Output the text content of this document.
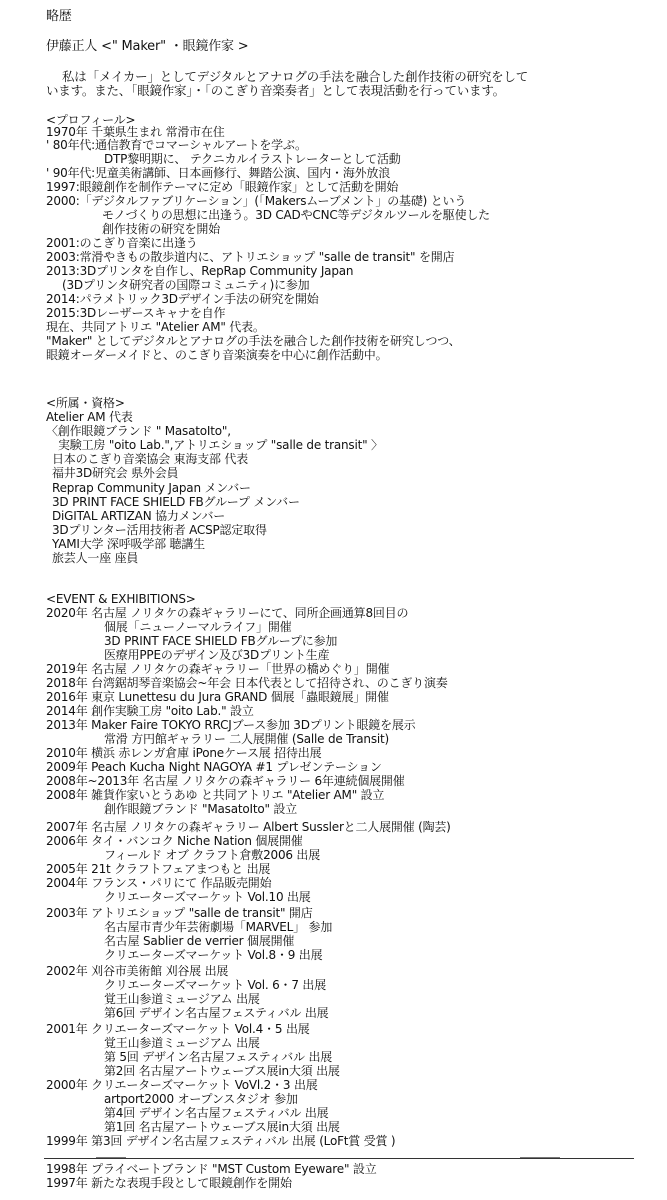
略歴
伊藤正人 <" Maker" ・眼鏡作家 >
私は「メイカー」としてデジタルとアナログの手法を融合した創作技術の研究をして
います。また、「眼鏡作家」・「のこぎり音楽奏者」として表現活動を行っています。
<プロフィール>
1970年 千葉県生まれ 常滑市在住
' 80年代:通信教育でコマーシャルアートを学ぶ。
DTP黎明期に、 テクニカルイラストレーターとして活動
' 90年代:児童美術講師、日本画修行、舞踏公演、国内・海外放浪
1997:眼鏡創作を制作テーマに定め「眼鏡作家」として活動を開始
2000:「デジタルファブリケーション」(「Makersムーブメント」の基礎) という
モノづくりの思想に出逢う。3D CADやCNC等デジタルツールを駆使した
創作技術の研究を開始
2001:のこぎり音楽に出逢う
2003:常滑やきもの散歩道内に、アトリエショップ "salle de transit" を開店
2013:3Dプリンタを自作し、RepRap Community Japan
(3Dプリンタ研究者の国際コミュニティ)に参加
2014:パラメトリック3Dデザイン手法の研究を開始
2015:3Dレーザースキャナを自作
現在、共同アトリエ "Atelier AM" 代表。
"Maker" としてデジタルとアナログの手法を融合した創作技術を研究しつつ、
眼鏡オーダーメイドと、のこぎり音楽演奏を中心に創作活動中。
<所属・資格>
Atelier AM 代表
〈創作眼鏡ブランド " MasatoIto",
実験工房 "oito Lab.",アトリエショップ "salle de transit" 〉
日本のこぎり音楽協会 東海支部 代表
福井3D研究会 県外会員
Reprap Community Japan メンバー
3D PRINT FACE SHIELD FBグループ メンバー
DiGITAL ARTIZAN 協力メンバー
3Dプリンター活用技術者 ACSP認定取得
YAMI大学 深呼吸学部 聴講生
旅芸人一座 座員
<EVENT & EXHIBITIONS>
2020年 名古屋 ノリタケの森ギャラリーにて、同所企画通算8回目の
個展「ニューノーマルライフ」開催
3D PRINT FACE SHIELD FBグループに参加
医療用PPEのデザイン及び3Dプリント生産
2019年 名古屋 ノリタケの森ギャラリー「世界の橋めぐり」開催
2018年 台湾鋸胡琴音楽協会~年会 日本代表として招待され、のこぎり演奏
2016年 東京 Lunettesu du Jura GRAND 個展「蟲眼鏡展」開催
2014年 創作実験工房 "oito Lab." 設立
2013年 Maker Faire TOKYO RRCJブース参加 3Dプリント眼鏡を展示
常滑 方円館ギャラリー 二人展開催 (Salle de Transit)
2010年 横浜 赤レンガ倉庫 iPoneケース展 招待出展
2009年 Peach Kucha Night NAGOYA #1 プレゼンテーション
2008年~2013年 名古屋 ノリタケの森ギャラリー 6年連続個展開催
2008年 雑貨作家いとうあゆ と共同アトリエ "Atelier AM" 設立
創作眼鏡ブランド "MasatoIto" 設立
2007年 名古屋 ノリタケの森ギャラリー Albert Susslerと二人展開催 (陶芸)
2006年 タイ・バンコク Niche Nation 個展開催
フィールド オブ クラフト倉敷2006 出展
2005年 21t クラフトフェアまつもと 出展
2004年 フランス・パリにて 作品販売開始
クリエーターズマーケット Vol.10 出展
2003年 アトリエショップ "salle de transit" 開店
名古屋市青少年芸術劇場「MARVEL」 参加
名古屋 Sablier de verrier 個展開催
クリエーターズマーケット Vol.8・9 出展
2002年 刈谷市美術館 刈谷展 出展
クリエーターズマーケット Vol. 6・7 出展
覚王山参道ミュージアム 出展
第6回 デザイン名古屋フェスティバル 出展
2001年 クリエーターズマーケット Vol.4・5 出展
覚王山参道ミュージアム 出展
第 5回 デザイン名古屋フェスティバル 出展
第2回 名古屋アートウェーブス展in大須 出展
2000年 クリエーターズマーケット VoVl.2・3 出展
artport2000 オープンスタジオ 参加
第4回 デザイン名古屋フェスティバル 出展
第1回 名古屋アートウェーブス展in大須 出展
1999年 第3回 デザイン名古屋フェスティバル 出展 (LoFt賞 受賞 )
1998年 プライベートブランド "MST Custom Eyeware" 設立
1997年 新たな表現手段として眼鏡創作を開始
